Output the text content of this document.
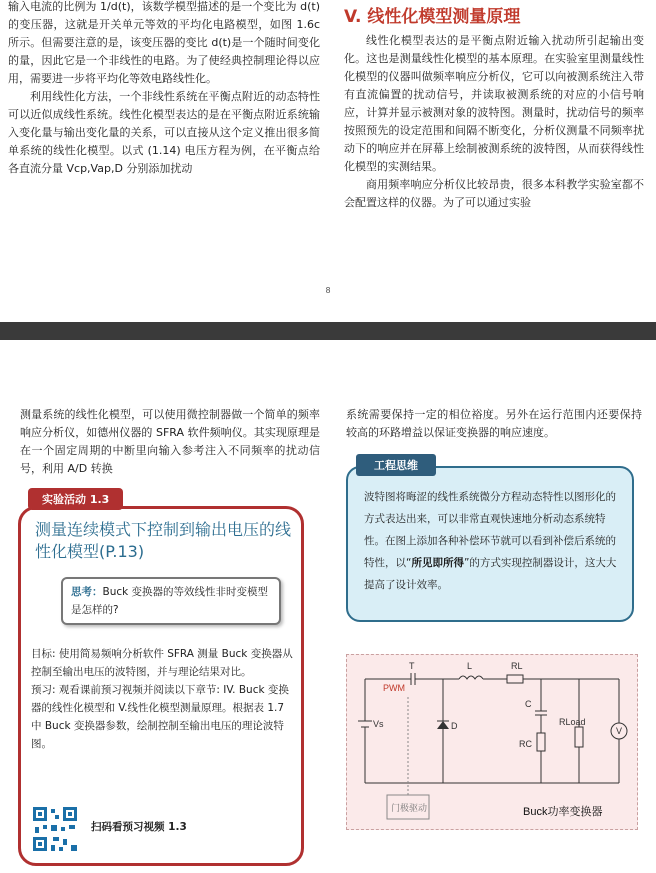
输入电流的比例为 1/d(t)，该数学模型描述的是一个变比为 d(t)的变压器，这就是开关单元等效的平均化电路模型，如图 1.6c 所示。但需要注意的是，该变压器的变比 d(t)是一个随时间变化的量，因此它是一个非线性的电路。为了使经典控制理论得以应用，需要进一步将平均化等效电路线性化。

利用线性化方法，一个非线性系统在平衡点附近的动态特性可以近似成线性系统。线性化模型表达的是在平衡点附近系统输入变化量与输出变化量的关系，可以直接从这个定义推出很多简单系统的线性化模型。以式 (1.14) 电压方程为例，在平衡点给各直流分量 Vcp,Vap,D 分别添加扰动

V. 线性化模型测量原理

线性化模型表达的是平衡点附近输入扰动所引起输出变化。这也是测量线性化模型的基本原理。在实验室里测量线性化模型的仪器叫做频率响应分析仪，它可以向被测系统注入带有直流偏置的扰动信号，并读取被测系统的对应的小信号响应，计算并显示被测对象的波特图。测量时，扰动信号的频率按照预先的设定范围和间隔不断变化，分析仪测量不同频率扰动下的响应并在屏幕上绘制被测系统的波特图，从而获得线性化模型的实测结果。

商用频率响应分析仪比较昂贵，很多本科教学实验室都不会配置这样的仪器。为了可以通过实验

8

测量系统的线性化模型，可以使用微控制器做一个简单的频率响应分析仪，如德州仪器的 SFRA 软件频响仪。其实现原理是在一个固定周期的中断里向输入参考注入不同频率的扰动信号，利用 A/D 转换

系统需要保持一定的相位裕度。另外在运行范围内还要保持较高的环路增益以保证变换器的响应速度。

测量连续模式下控制到输出电压的线性化模型(P.13)
思考：Buck 变换器的等效线性非时变模型是怎样的?

目标: 使用简易频响分析软件 SFRA 测量 Buck 变换器从控制至输出电压的波特图，并与理论结果对比。

预习: 观看课前预习视频并阅读以下章节: IV. Buck 变换器的线性化模型和 V.线性化模型测量原理。根据表 1.7 中 Buck 变换器参数，绘制控制至输出电压的理论波特图。

扫码看预习视频 1.3
实验活动 1.3	波特图将晦涩的线性系统微分方程动态特性以图形化的方式表达出来，可以非常直观快速地分析动态系统特性。在图上添加各种补偿环节就可以看到补偿后系统的特性，以“所见即所得”的方式实现控制器设计，这大大提高了设计效率。
工程思维
T
PWM
Vs
L	RL
D
C
RC
RLoad
V
门极驱动	Buck功率变换器
